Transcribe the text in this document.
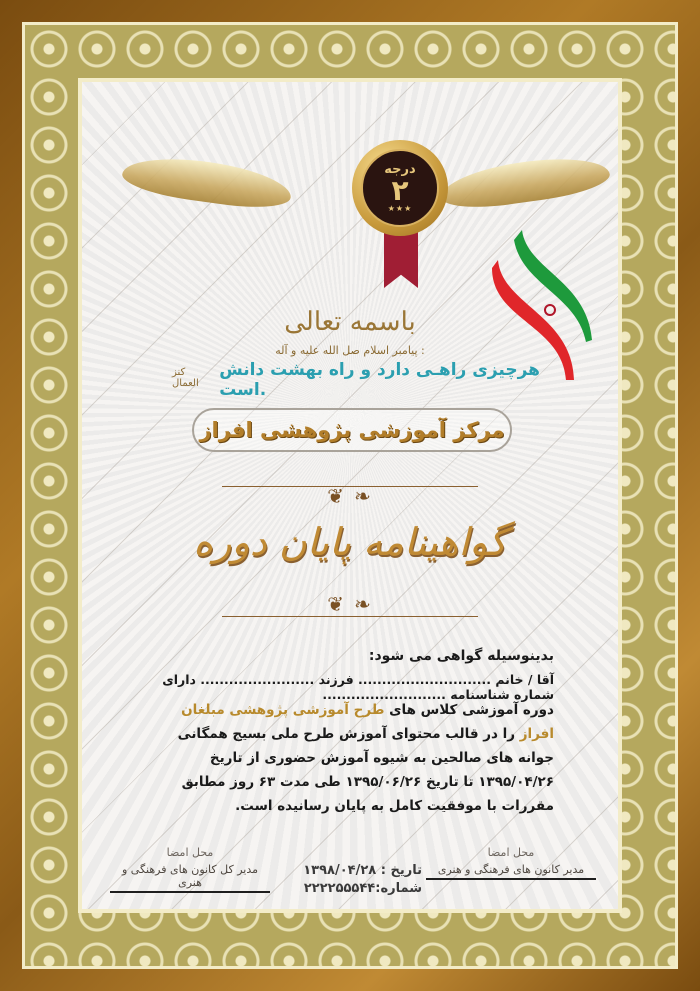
درجه
۲
★★★
باسمه تعالی
پیامبر اسلام صل الله علیه و آله :
هرچیزی راهـی دارد و راه بهشت دانش است.
کنز العمال
مرکز آموزشی پژوهشی افراز
❦ ❧
گواهینامه پایان دوره
❦ ❧
بدینوسیله گواهی می شود:
آقا / خانم ............................ فرزند ........................ دارای شماره شناسنامه ..........................
دوره آموزشی کلاس های طرح آموزشی پژوهشی مبلغان افراز را در قالب محتوای آموزش طرح ملی بسیج همگانی جوانه های صالحین به شیوه آموزش حضوری از تاریخ ۱۳۹۵/۰۴/۲۶ تا تاریخ ۱۳۹۵/۰۶/۲۶ طی مدت ۶۳ روز مطابق مقررات با موفقیت کامل به پایان رسانیده است.
محل امضا
مدیر کانون های فرهنگی و هنری
محل امضا
مدیر کل کانون های فرهنگی و هنری
تاریخ : ۱۳۹۸/۰۴/۲۸
شماره:۲۲۲۲۵۵۵۴۴
